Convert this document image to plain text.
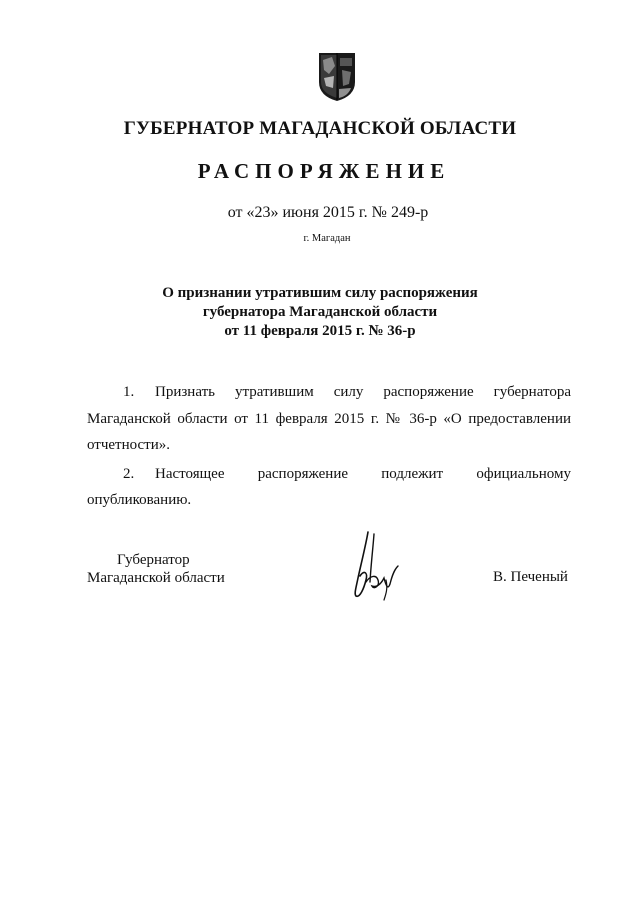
ГУБЕРНАТОР МАГАДАНСКОЙ ОБЛАСТИ
РАСПОРЯЖЕНИЕ
от «23» июня 2015 г. № 249-р
г. Магадан
О признании утратившим силу распоряжения
губернатора Магаданской области
от 11 февраля 2015 г. № 36-р

1. Признать утратившим силу распоряжение губернатора Магаданской области от 11 февраля 2015 г. № 36-р «О предоставлении отчетности».

2. Настоящее распоряжение подлежит официальному опубликованию.

Губернатор
Магаданской области	В. Печеный
